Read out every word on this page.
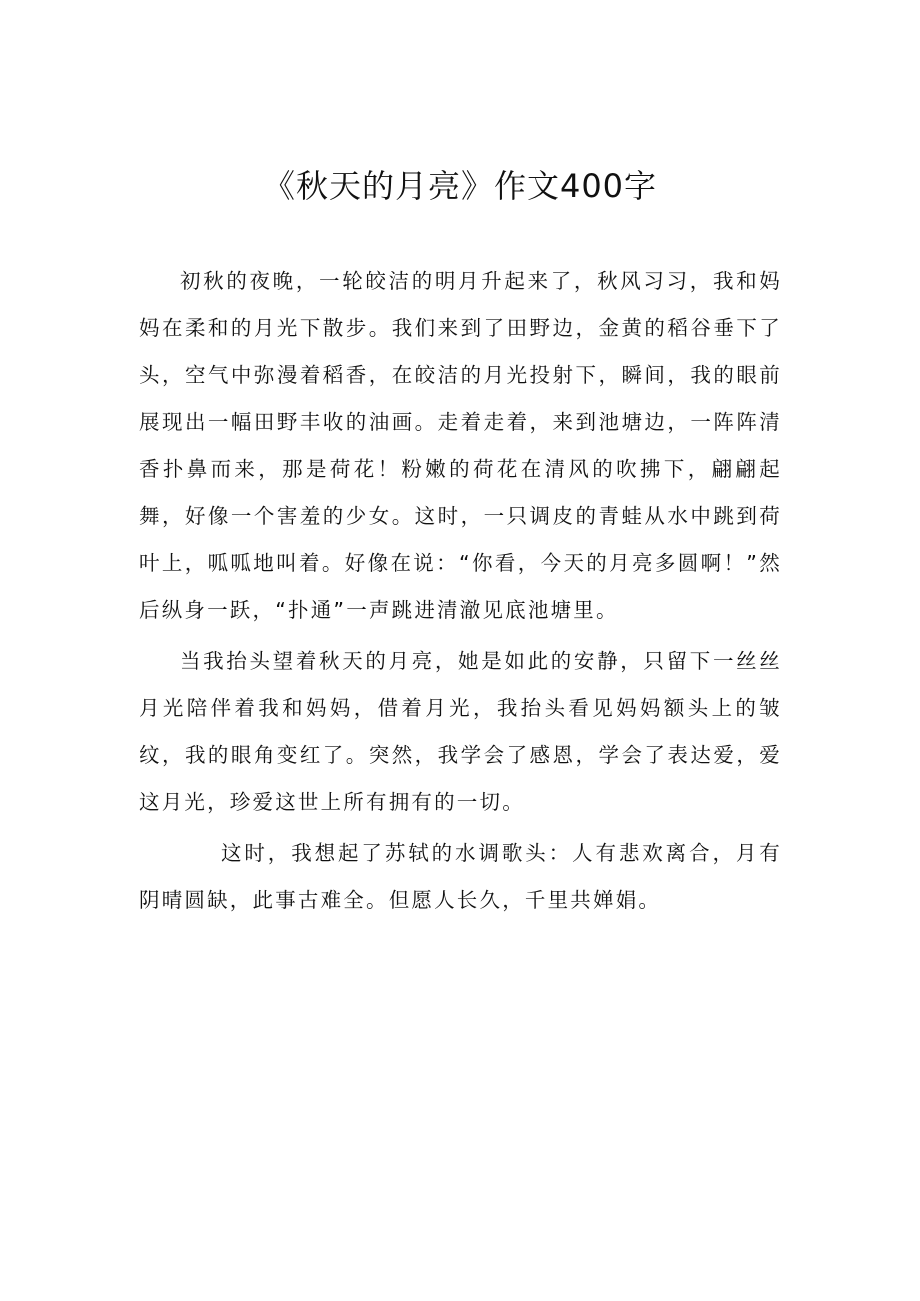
《秋天的月亮》作文400字

初秋的夜晚，一轮皎洁的明月升起来了，秋风习习，我和妈妈在柔和的月光下散步。我们来到了田野边，金黄的稻谷垂下了头，空气中弥漫着稻香，在皎洁的月光投射下，瞬间，我的眼前展现出一幅田野丰收的油画。走着走着，来到池塘边，一阵阵清香扑鼻而来，那是荷花！粉嫩的荷花在清风的吹拂下，翩翩起舞，好像一个害羞的少女。这时，一只调皮的青蛙从水中跳到荷叶上，呱呱地叫着。好像在说：“你看，今天的月亮多圆啊！”然后纵身一跃，“扑通”一声跳进清澈见底池塘里。

当我抬头望着秋天的月亮，她是如此的安静，只留下一丝丝月光陪伴着我和妈妈，借着月光，我抬头看见妈妈额头上的皱纹，我的眼角变红了。突然，我学会了感恩，学会了表达爱，爱这月光，珍爱这世上所有拥有的一切。

这时，我想起了苏轼的水调歌头：人有悲欢离合，月有阴晴圆缺，此事古难全。但愿人长久，千里共婵娟。
